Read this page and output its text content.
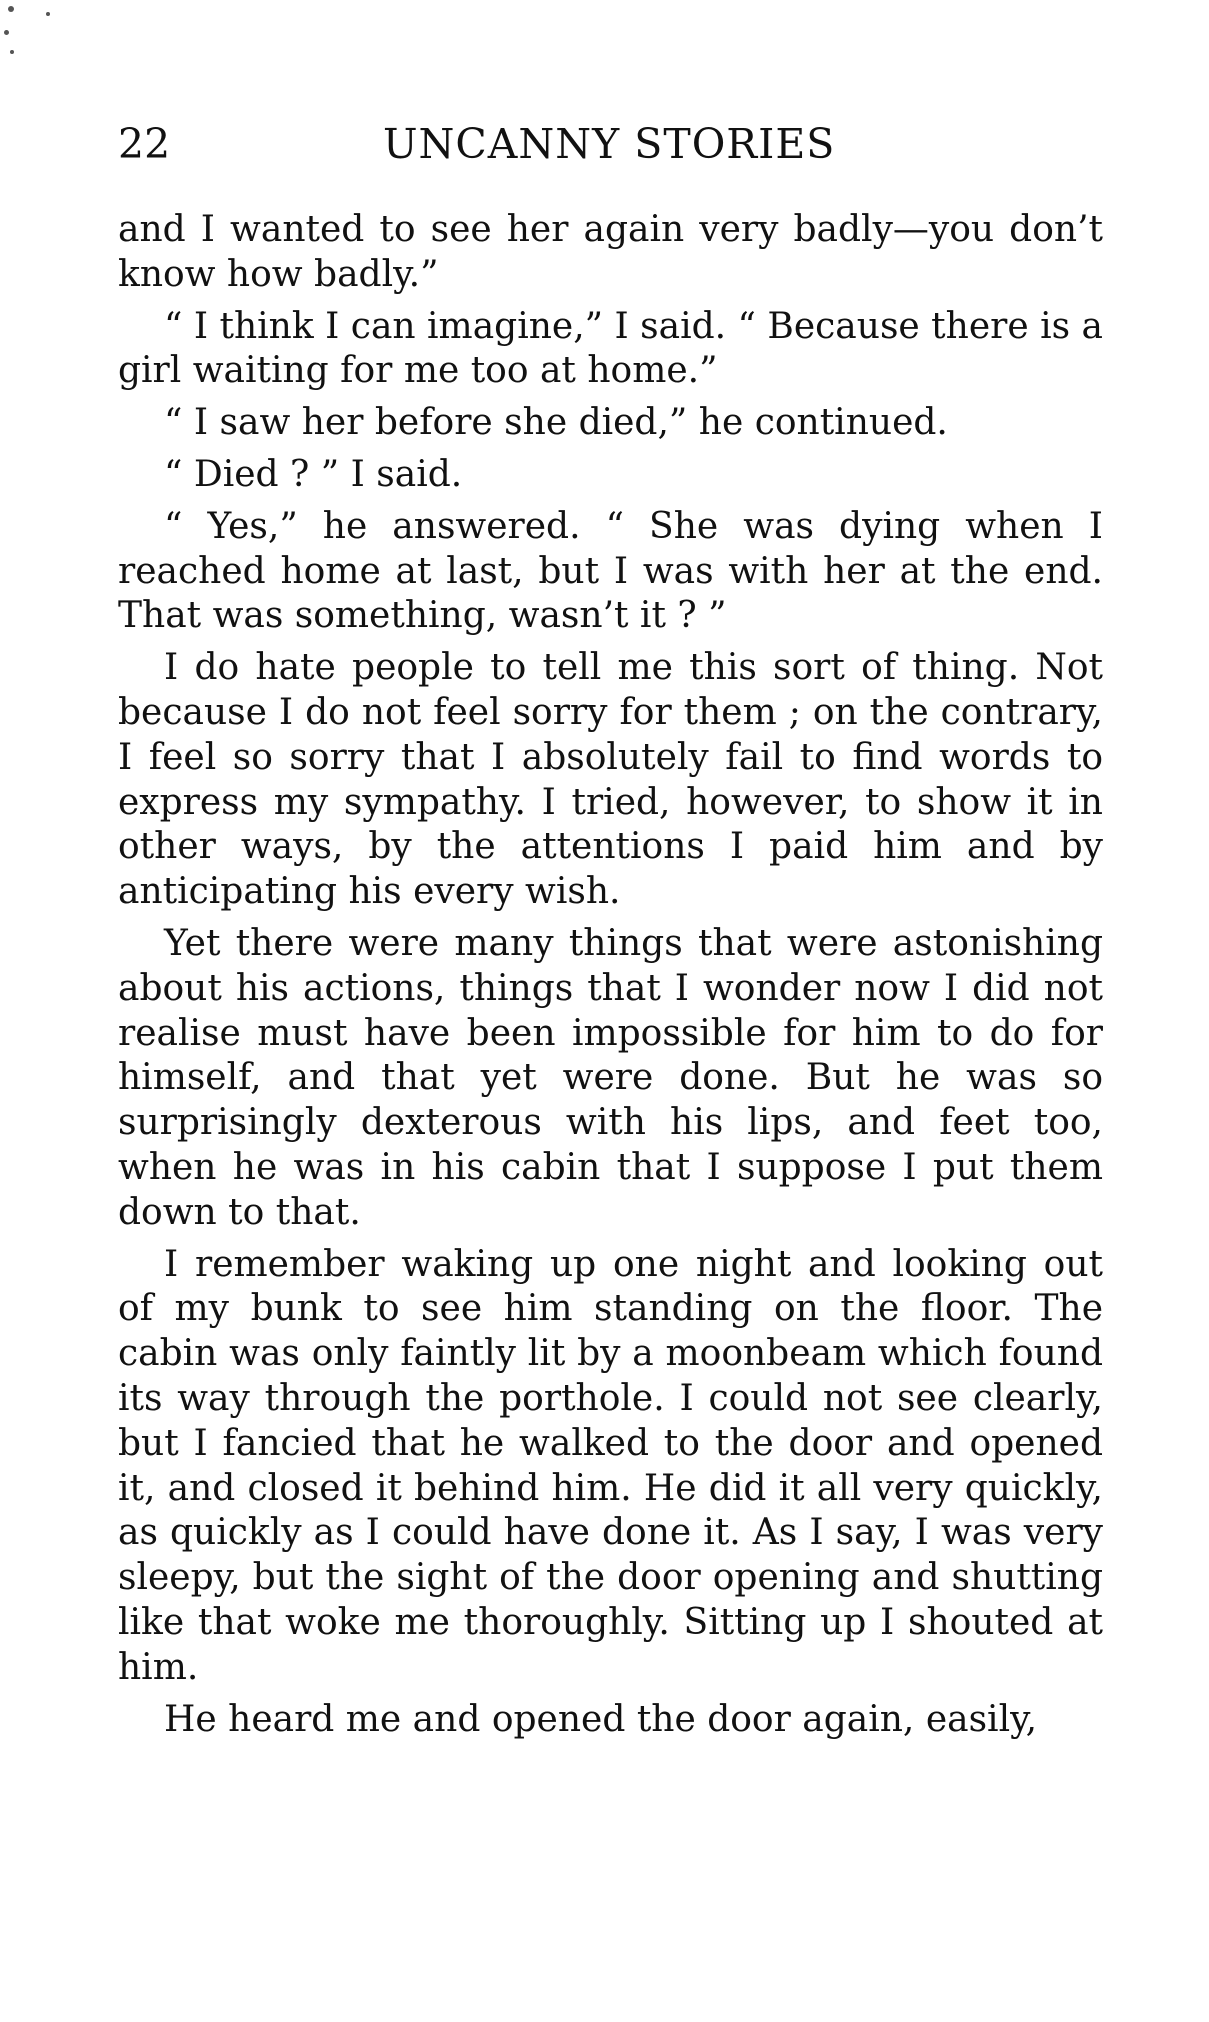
22	UNCANNY STORIES

and I wanted to see her again very badly—you don’t know how badly.”

“ I think I can imagine,” I said. “ Because there is a girl waiting for me too at home.”

“ I saw her before she died,” he continued.

“ Died ? ” I said.

“ Yes,” he answered. “ She was dying when I reached home at last, but I was with her at the end. That was something, wasn’t it ? ”

I do hate people to tell me this sort of thing. Not because I do not feel sorry for them ; on the contrary, I feel so sorry that I absolutely fail to find words to express my sympathy. I tried, however, to show it in other ways, by the attentions I paid him and by anticipating his every wish.

Yet there were many things that were astonishing about his actions, things that I wonder now I did not realise must have been impossible for him to do for himself, and that yet were done. But he was so surprisingly dexterous with his lips, and feet too, when he was in his cabin that I suppose I put them down to that.

I remember waking up one night and looking out of my bunk to see him standing on the floor. The cabin was only faintly lit by a moonbeam which found its way through the porthole. I could not see clearly, but I fancied that he walked to the door and opened it, and closed it behind him. He did it all very quickly, as quickly as I could have done it. As I say, I was very sleepy, but the sight of the door opening and shutting like that woke me thoroughly. Sitting up I shouted at him.

He heard me and opened the door again, easily,
